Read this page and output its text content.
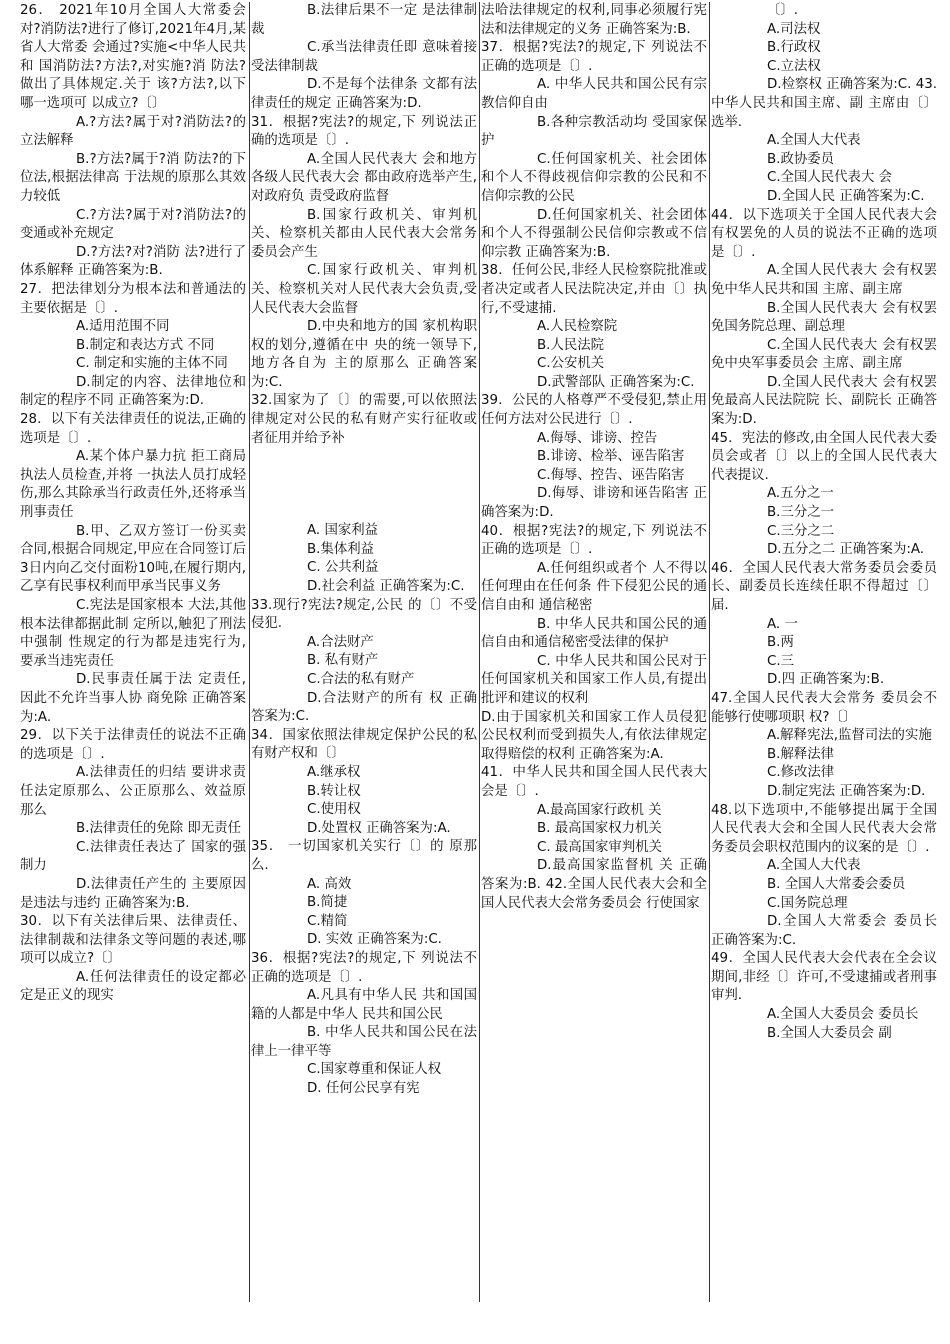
26． 2021年10月全国人大常委会对?消防法?进行了修订,2021年4月,某省人大常委 会通过?实施<中华人民共和 国消防法?方法?,对实施?消 防法?做出了具体规定.关于 该?方法?,以下哪一选项可 以成立?〔〕

A.?方法?属于对?消防法?的立法解释

B.?方法?属于?消 防法?的下位法,根据法律高 于法规的原那么其效力较低

C.?方法?属于对?消防法?的变通或补充规定

D.?方法?对?消防 法?进行了体系解释 正确答案为:B.

27．把法律划分为根本法和普通法的主要依据是〔〕.

A.适用范围不同

B.制定和表达方式 不同

C. 制定和实施的主体不同

D.制定的内容、法律地位和制定的程序不同 正确答案为:D.

28．以下有关法律责任的说法,正确的选项是〔〕.

A.某个体户暴力抗 拒工商局执法人员检查,并将 一执法人员打成轻伤,那么其除承当行政责任外,还将承当刑事责任

B.甲、乙双方签订一份买卖合同,根据合同规定,甲应在合同签订后3日内向乙交付面粉10吨,在履行期内,乙享有民事权利而甲承当民事义务

C.宪法是国家根本 大法,其他根本法律都据此制 定所以,触犯了刑法中强制 性规定的行为都是违宪行为, 要承当违宪责任

D.民事责任属于法 定责任,因此不允许当事人协 商免除 正确答案为:A.

29．以下关于法律责任的说法不正确的选项是〔〕.

A.法律责任的归结 要讲求责任法定原那么、公正原那么、效益原那么

B.法律责任的免除 即无责任

C.法律责任表达了 国家的强制力

D.法律责任产生的 主要原因是违法与违约 正确答案为:B.

30．以下有关法律后果、法律责任、法律制裁和法律条文等问题的表述,哪项可以成立?〔〕

A.任何法律责任的设定都必定是正义的现实

B.法律后果不一定 是法律制裁

C.承当法律责任即 意味着接受法律制裁

D.不是每个法律条 文都有法律责任的规定 正确答案为:D.

31．根据?宪法?的规定,下 列说法正确的选项是〔〕.

A.全国人民代表大 会和地方各级人民代表大会 都由政府选举产生,对政府负 责受政府监督

B.国家行政机关、审判机关、检察机关都由人民代表大会常务委员会产生

C.国家行政机关、审判机关、检察机关对人民代表大会负责,受人民代表大会监督

D.中央和地方的国 家机构职权的划分,遵循在中 央的统一领导下,地方各自为 主的原那么 正确答案为:C.

32.国家为了〔〕的需要,可以依照法律规定对公民的私有财产实行征收或者征用并给予补

A. 国家利益

B.集体利益

C. 公共利益

D.社会利益 正确答案为:C.

33.现行?宪法?规定,公民 的〔〕不受侵犯.

A.合法财产

B. 私有财产

C.合法的私有财产

D.合法财产的所有 权 正确答案为:C.

34．国家依照法律规定保护公民的私有财产权和〔〕

A.继承权

B.转让权

C.使用权

D.处置权 正确答案为:A.

35． 一切国家机关实行〔〕的 原那么.

A. 高效

B.简捷

C.精简

D. 实效 正确答案为:C.

36．根据?宪法?的规定,下 列说法不正确的选项是〔〕.

A.凡具有中华人民 共和国国籍的人都是中华人 民共和国公民

B. 中华人民共和国公民在法律上一律平等

C.国家尊重和保证人权

D. 任何公民享有宪

法哈法律规定的权利,同事必须履行宪法和法律规定的义务 正确答案为:B.

37．根据?宪法?的规定,下 列说法不正确的选项是〔〕.

A. 中华人民共和国公民有宗教信仰自由

B.各种宗教活动均 受国家保护

C.任何国家机关、社会团体和个人不得歧视信仰宗教的公民和不信仰宗教的公民

D.任何国家机关、社会团体和个人不得强制公民信仰宗教或不信仰宗教 正确答案为:B.

38．任何公民,非经人民检察院批准或者决定或者人民法院决定,并由〔〕执行,不受逮捕.

A.人民检察院

B.人民法院

C.公安机关

D.武警部队 正确答案为:C.

39．公民的人格尊严不受侵犯,禁止用任何方法对公民进行〔〕.

A.侮辱、诽谤、控告

B.诽谤、检举、诬告陷害

C.侮辱、控告、诬告陷害

D.侮辱、诽谤和诬告陷害 正确答案为:D.

40．根据?宪法?的规定,下 列说法不正确的选项是〔〕.

A.任何组织或者个 人不得以任何理由在任何条 件下侵犯公民的通信自由和 通信秘密

B. 中华人民共和国公民的通信自由和通信秘密受法律的保护

C. 中华人民共和国公民对于任何国家机关和国家工作人员,有提出批评和建议的权利

D.由于国家机关和国家工作人员侵犯公民权利而受到损失人,有依法律规定取得赔偿的权利 正确答案为:A.

41．中华人民共和国全国人民代表大会是〔〕.

A.最高国家行政机 关

B. 最高国家权力机关

C. 最高国家审判机关

D.最高国家监督机 关 正确答案为:B. 42.全国人民代表大会和全 国人民代表大会常务委员会 行使国家

〔〕.

A.司法权

B.行政权

C.立法权

D.检察权 正确答案为:C. 43.中华人民共和国主席、副 主席由〔〕选举.

A.全国人大代表

B.政协委员

C.全国人民代表大 会

D.全国人民 正确答案为:C.

44．以下选项关于全国人民代表大会有权罢免的人员的说法不正确的选项是〔〕.

A.全国人民代表大 会有权罢免中华人民共和国 主席、副主席

B.全国人民代表大 会有权罢免国务院总理、副总理

C.全国人民代表大 会有权罢免中央军事委员会 主席、副主席

D.全国人民代表大 会有权罢免最高人民法院院 长、副院长 正确答案为:D.

45．宪法的修改,由全国人民代表大委员会或者〔〕以上的全国人民代表大代表提议.

A.五分之一

B.三分之一

C.三分之二

D.五分之二 正确答案为:A.

46．全国人民代表大常务委员会委员长、副委员长连续任职不得超过〔〕届.

A. 一

B.两

C.三

D.四 正确答案为:B.

47.全国人民代表大会常务 委员会不能够行使哪项职 权?〔〕

A.解释宪法,监督司法的实施

B.解释法律

C.修改法律

D.制定宪法 正确答案为:D.

48.以下选项中,不能够提出属于全国人民代表大会和全国人民代表大会常务委员会职权范围内的议案的是〔〕.

A.全国人大代表

B. 全国人大常委会委员

C.国务院总理

D.全国人大常委会 委员长 正确答案为:C.

49．全国人民代表大会代表在全会议期间,非经〔〕许可,不受逮捕或者刑事审判.

A.全国人大委员会 委员长

B.全国人大委员会 副
